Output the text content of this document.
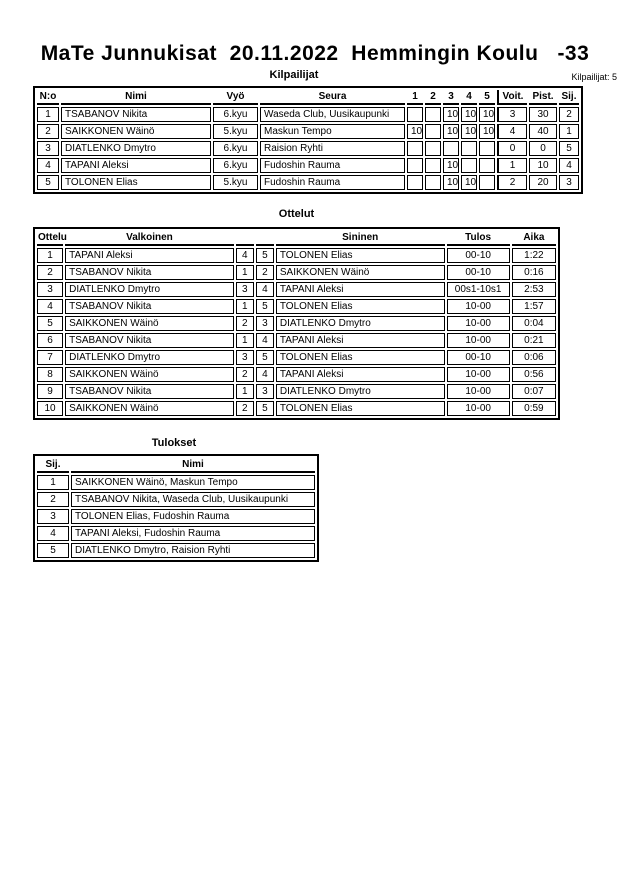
MaTe Junnukisat  20.11.2022  Hemmingin Koulu   -33
Kilpailijat	Kilpailijat: 5
N:o	Nimi	Vyö	Seura	1	2	3	4	5	Voit.	Pist.	Sij.
1	TSABANOV Nikita	6.kyu	Waseda Club, Uusikaupunki			10	10	10	3	30	2
2	SAIKKONEN Wäinö	5.kyu	Maskun Tempo	10		10	10	10	4	40	1
3	DIATLENKO Dmytro	6.kyu	Raision Ryhti						0	0	5
4	TAPANI Aleksi	6.kyu	Fudoshin Rauma			10			1	10	4
5	TOLONEN Elias	5.kyu	Fudoshin Rauma			10	10		2	20	3
Ottelut
Ottelu	Valkoinen			Sininen	Tulos	Aika
1	TAPANI Aleksi	4	5	TOLONEN Elias	00-10	1:22
2	TSABANOV Nikita	1	2	SAIKKONEN Wäinö	00-10	0:16
3	DIATLENKO Dmytro	3	4	TAPANI Aleksi	00s1-10s1	2:53
4	TSABANOV Nikita	1	5	TOLONEN Elias	10-00	1:57
5	SAIKKONEN Wäinö	2	3	DIATLENKO Dmytro	10-00	0:04
6	TSABANOV Nikita	1	4	TAPANI Aleksi	10-00	0:21
7	DIATLENKO Dmytro	3	5	TOLONEN Elias	00-10	0:06
8	SAIKKONEN Wäinö	2	4	TAPANI Aleksi	10-00	0:56
9	TSABANOV Nikita	1	3	DIATLENKO Dmytro	10-00	0:07
10	SAIKKONEN Wäinö	2	5	TOLONEN Elias	10-00	0:59
Tulokset
Sij.	Nimi
1	SAIKKONEN Wäinö, Maskun Tempo
2	TSABANOV Nikita, Waseda Club, Uusikaupunki
3	TOLONEN Elias, Fudoshin Rauma
4	TAPANI Aleksi, Fudoshin Rauma
5	DIATLENKO Dmytro, Raision Ryhti
